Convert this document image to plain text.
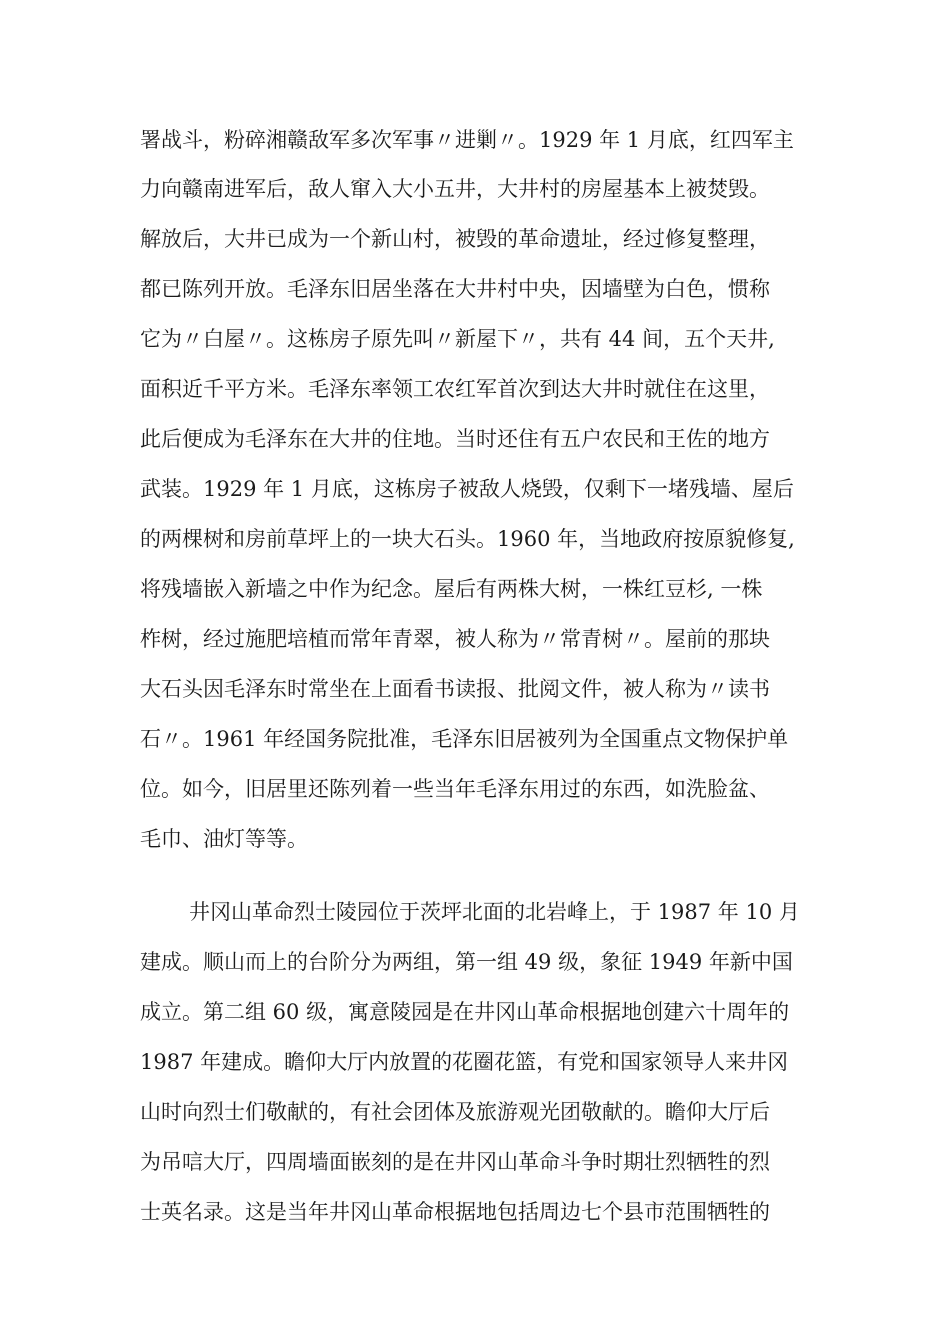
署战斗，粉碎湘赣敌军多次军事〃进剿〃。1929 年 1 月底，红四军主
力向赣南进军后，敌人窜入大小五井，大井村的房屋基本上被焚毁。
解放后，大井已成为一个新山村，被毁的革命遗址，经过修复整理，
都已陈列开放。毛泽东旧居坐落在大井村中央，因墙壁为白色，惯称
它为〃白屋〃。这栋房子原先叫〃新屋下〃，共有 44 间，五个天井,
面积近千平方米。毛泽东率领工农红军首次到达大井时就住在这里，
此后便成为毛泽东在大井的住地。当时还住有五户农民和王佐的地方
武装。1929 年 1 月底，这栋房子被敌人烧毁，仅剩下一堵残墙、屋后
的两棵树和房前草坪上的一块大石头。1960 年，当地政府按原貌修复,
将残墙嵌入新墙之中作为纪念。屋后有两株大树，一株红豆杉, 一株
柞树，经过施肥培植而常年青翠，被人称为〃常青树〃。屋前的那块
大石头因毛泽东时常坐在上面看书读报、批阅文件，被人称为〃读书
石〃。1961 年经国务院批准，毛泽东旧居被列为全国重点文物保护单
位。如今，旧居里还陈列着一些当年毛泽东用过的东西，如洗脸盆、
毛巾、油灯等等。
井冈山革命烈士陵园位于茨坪北面的北岩峰上，于 1987 年 10 月
建成。顺山而上的台阶分为两组，第一组 49 级，象征 1949 年新中国
成立。第二组 60 级，寓意陵园是在井冈山革命根据地创建六十周年的
1987 年建成。瞻仰大厅内放置的花圈花篮，有党和国家领导人来井冈
山时向烈士们敬献的，有社会团体及旅游观光团敬献的。瞻仰大厅后
为吊唁大厅，四周墙面嵌刻的是在井冈山革命斗争时期壮烈牺牲的烈
士英名录。这是当年井冈山革命根据地包括周边七个县市范围牺牲的
